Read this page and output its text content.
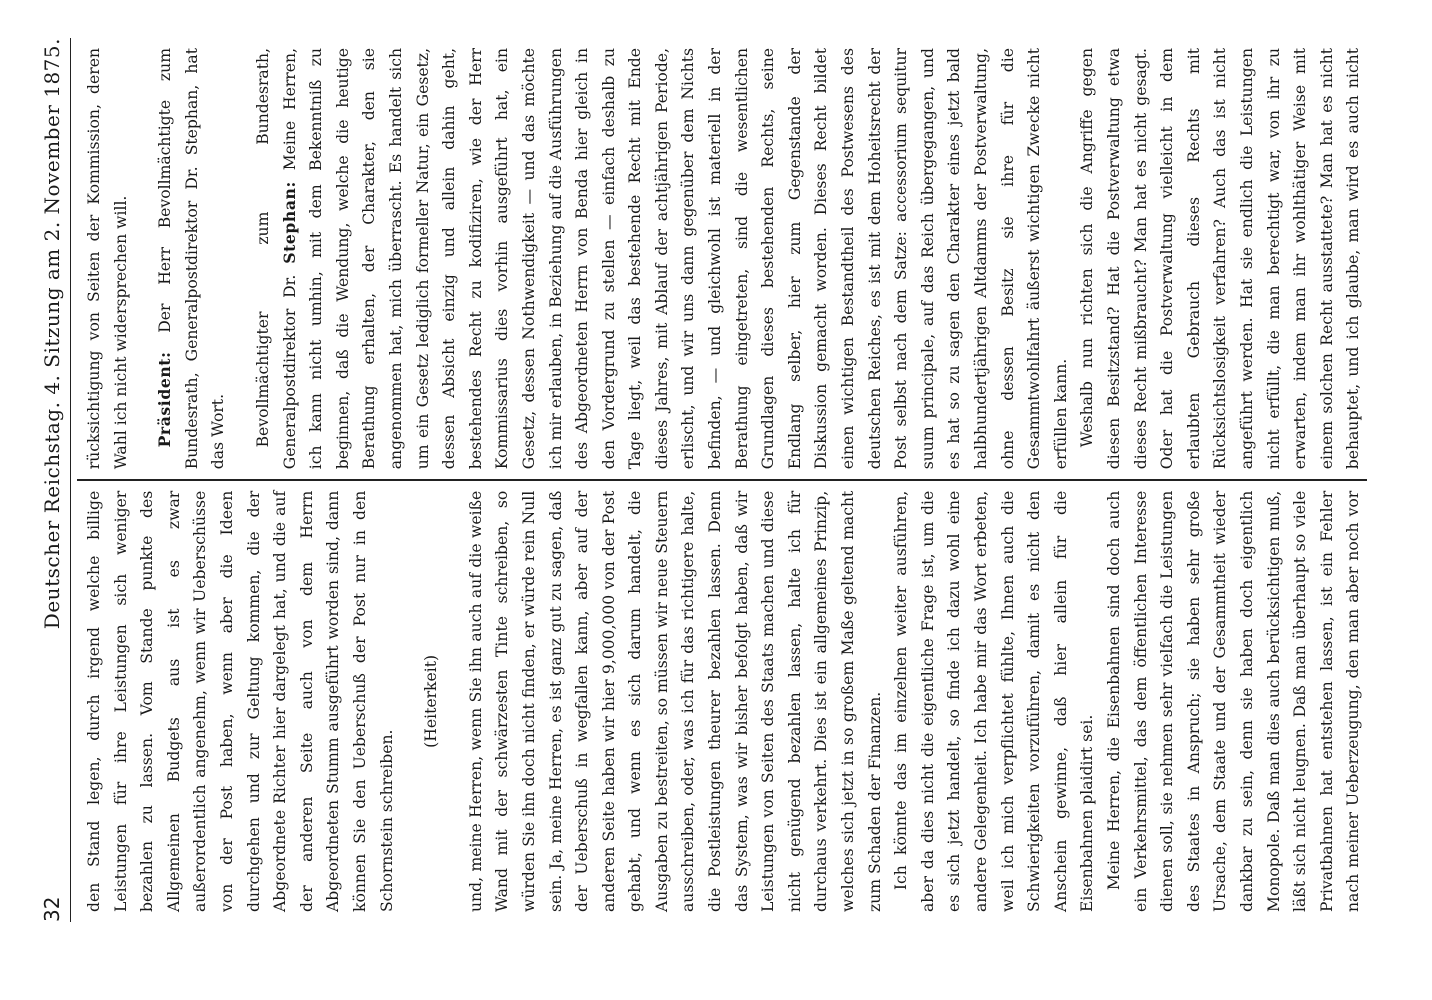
32
Deutscher Reichstag. 4. Sitzung am 2. November 1875.

den Stand legen, durch irgend welche billige Leistungen für ihre Leistungen sich weniger bezahlen zu lassen. Vom Stande punkte des Allgemeinen Budgets aus ist es zwar außerordentlich angenehm, wenn wir Ueberschüsse von der Post haben, wenn aber die Ideen durchgehen und zur Geltung kommen, die der Abgeordnete Richter hier dargelegt hat, und die auf der anderen Seite auch von dem Herrn Abgeordneten Stumm ausgeführt worden sind, dann können Sie den Ueberschuß der Post nur in den Schornstein schreiben.

(Heiterkeit) und, meine Herren, wenn Sie ihn auch auf die weiße Wand mit der schwärzesten Tinte schreiben, so würden Sie ihn doch nicht finden, er würde rein Null sein. Ja, meine Herren, es ist ganz gut zu sagen, daß der Ueberschuß in wegfallen kann, aber auf der anderen Seite haben wir hier 9,000,000 von der Post gehabt, und wenn es sich darum handelt, die Ausgaben zu bestreiten, so müssen wir neue Steuern ausschreiben, oder, was ich für das richtigere halte, die Postleistungen theurer bezahlen lassen. Denn das System, was wir bisher befolgt haben, daß wir Leistungen von Seiten des Staats machen und diese nicht genügend bezahlen lassen, halte ich für durchaus verkehrt. Dies ist ein allgemeines Prinzip, welches sich jetzt in so großem Maße geltend macht zum Schaden der Finanzen. Ich könnte das im einzelnen weiter ausführen, aber da dies nicht die eigentliche Frage ist, um die es sich jetzt handelt, so finde ich dazu wohl eine andere Gelegenheit. Ich habe mir das Wort erbeten, weil ich mich verpflichtet fühlte, Ihnen auch die Schwierigkeiten vorzuführen, damit es nicht den Anschein gewinne, daß hier allein für die Eisenbahnen plaidirt sei. Meine Herren, die Eisenbahnen sind doch auch ein Verkehrsmittel, das dem öffentlichen Interesse dienen soll, sie nehmen sehr vielfach die Leistungen des Staates in Anspruch; sie haben sehr große Ursache, dem Staate und der Gesammtheit wieder dankbar zu sein, denn sie haben doch eigentlich Monopole. Daß man dies auch berücksichtigen muß, läßt sich nicht leugnen. Daß man überhaupt so viele Privatbahnen hat entstehen lassen, ist ein Fehler nach meiner Ueberzeugung, den man aber noch vor

rücksichtigung von Seiten der Kommission, deren Wahl ich nicht widersprechen will. Präsident: Der Herr Bevollmächtigte zum Bundesrath, Generalpostdirektor Dr. Stephan, hat das Wort. Bevollmächtigter zum Bundesrath, Generalpostdirektor Dr. Stephan: Meine Herren, ich kann nicht umhin, mit dem Bekenntniß zu beginnen, daß die Wendung, welche die heutige Berathung erhalten, der Charakter, den sie angenommen hat, mich überrascht. Es handelt sich um ein Gesetz lediglich formeller Natur, ein Gesetz, dessen Absicht einzig und allein dahin geht, bestehendes Recht zu kodifiziren, wie der Herr Kommissarius dies vorhin ausgeführt hat, ein Gesetz, dessen Nothwendigkeit — und das möchte ich mir erlauben, in Beziehung auf die Ausführungen des Abgeordneten Herrn von Benda hier gleich in den Vordergrund zu stellen — einfach deshalb zu Tage liegt, weil das bestehende Recht mit Ende dieses Jahres, mit Ablauf der achtjährigen Periode, erlischt, und wir uns dann gegenüber dem Nichts befinden, — und gleichwohl ist materiell in der Berathung eingetreten, sind die wesentlichen Grundlagen dieses bestehenden Rechts, seine Endlang selber, hier zum Gegenstande der Diskussion gemacht worden. Dieses Recht bildet einen wichtigen Bestandtheil des Postwesens des deutschen Reiches, es ist mit dem Hoheitsrecht der Post selbst nach dem Satze: accessorium sequitur suum principale, auf das Reich übergegangen, und es hat so zu sagen den Charakter eines jetzt bald halbhundertjährigen Altdamms der Postverwaltung, ohne dessen Besitz sie ihre für die Gesammtwohlfahrt äußerst wichtigen Zwecke nicht erfüllen kann. Weshalb nun richten sich die Angriffe gegen diesen Besitzstand? Hat die Postverwaltung etwa dieses Recht mißbraucht? Man hat es nicht gesagt. Oder hat die Postverwaltung vielleicht in dem erlaubten Gebrauch dieses Rechts mit Rücksichtslosigkeit verfahren? Auch das ist nicht angeführt werden. Hat sie endlich die Leistungen nicht erfüllt, die man berechtigt war, von ihr zu erwarten, indem man ihr wohlthätiger Weise mit einem solchen Recht ausstattete? Man hat es nicht behauptet, und ich glaube, man wird es auch nicht
